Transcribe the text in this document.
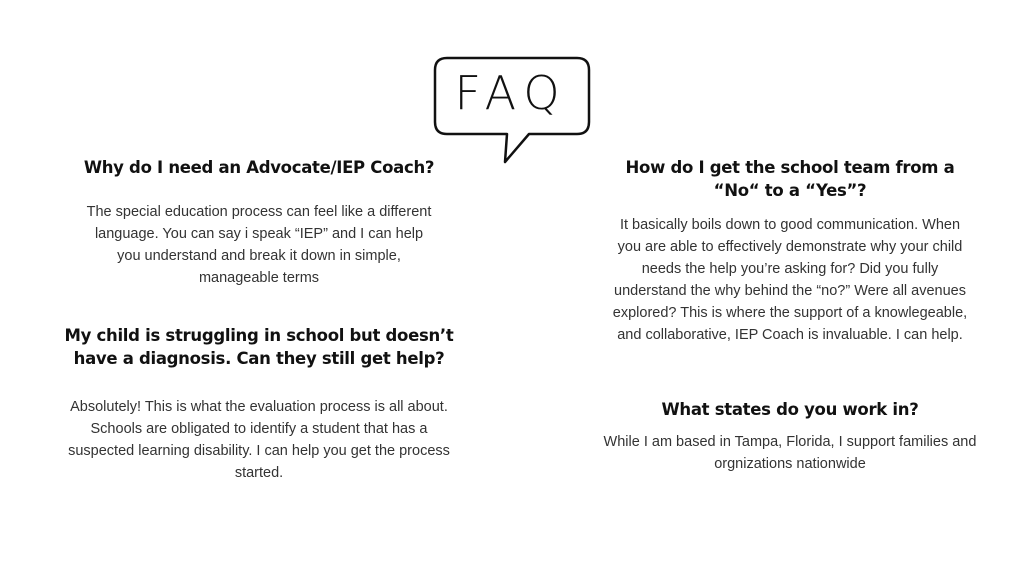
FAQ

Why do I need an Advocate/IEP Coach?

The special education process can feel like a different language. You can say i speak “IEP” and I can help you understand and break it down in simple, manageable terms

My child is struggling in school but doesn’t have a diagnosis. Can they still get help?

Absolutely! This is what the evaluation process is all about. Schools are obligated to identify a student that has a suspected learning disability. I can help you get the process started.

How do I get the school team from a “No“ to a “Yes”?

It basically boils down to good communication. When you are able to effectively demonstrate why your child needs the help you’re asking for? Did you fully understand the why behind the “no?” Were all avenues explored? This is where the support of a knowlegeable, and collaborative, IEP Coach is invaluable. I can help.

What states do you work in?

While I am based in Tampa, Florida, I support families and orgnizations nationwide
